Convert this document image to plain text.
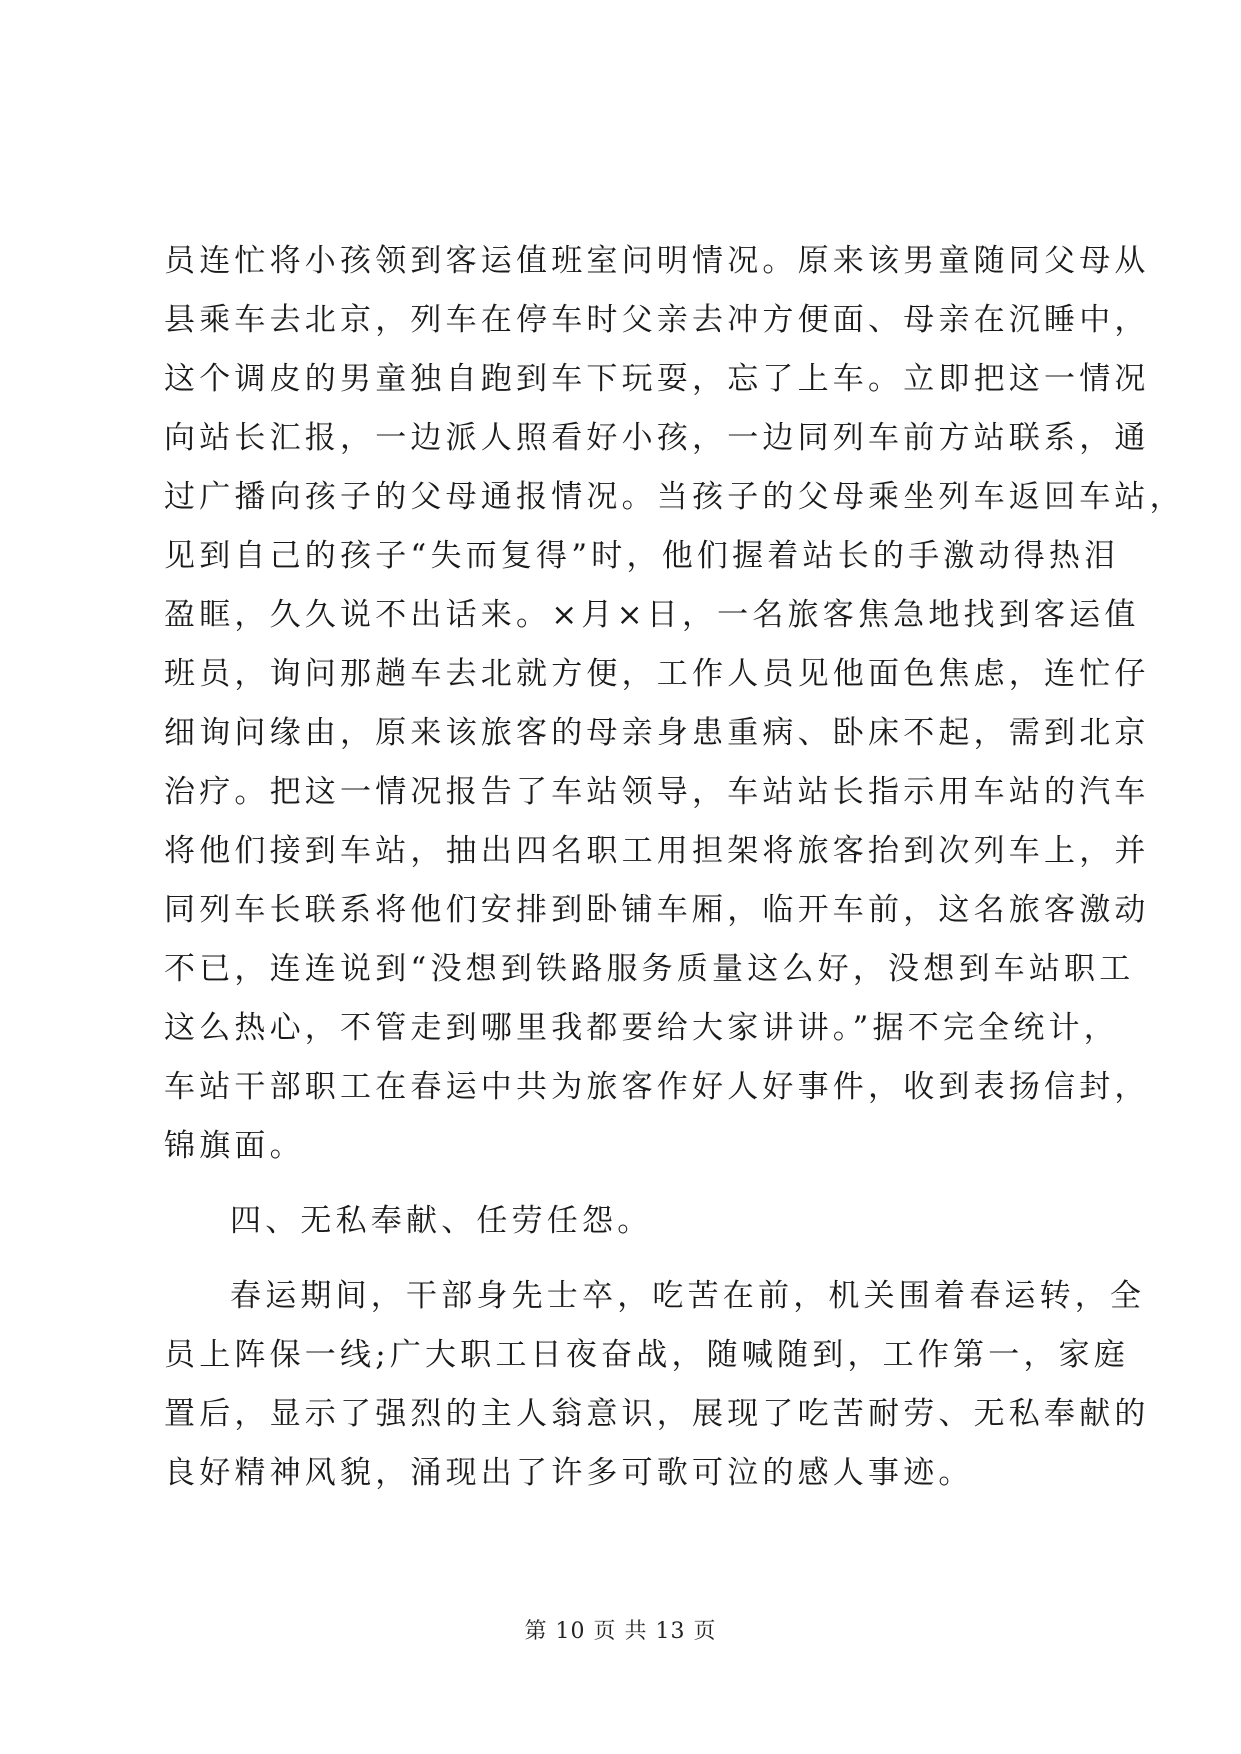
员连忙将小孩领到客运值班室问明情况。原来该男童随同父母从
县乘车去北京，列车在停车时父亲去冲方便面、母亲在沉睡中，
这个调皮的男童独自跑到车下玩耍，忘了上车。立即把这一情况
向站长汇报，一边派人照看好小孩，一边同列车前方站联系，通
过广播向孩子的父母通报情况。当孩子的父母乘坐列车返回车站，
见到自己的孩子“失而复得”时，他们握着站长的手激动得热泪
盈眶，久久说不出话来。×月×日，一名旅客焦急地找到客运值
班员，询问那趟车去北就方便，工作人员见他面色焦虑，连忙仔
细询问缘由，原来该旅客的母亲身患重病、卧床不起，需到北京
治疗。把这一情况报告了车站领导，车站站长指示用车站的汽车
将他们接到车站，抽出四名职工用担架将旅客抬到次列车上，并
同列车长联系将他们安排到卧铺车厢，临开车前，这名旅客激动
不已，连连说到“没想到铁路服务质量这么好，没想到车站职工
这么热心，不管走到哪里我都要给大家讲讲。”据不完全统计，
车站干部职工在春运中共为旅客作好人好事件，收到表扬信封，
锦旗面。
四、无私奉献、任劳任怨。
春运期间，干部身先士卒，吃苦在前，机关围着春运转，全
员上阵保一线;广大职工日夜奋战，随喊随到，工作第一，家庭
置后，显示了强烈的主人翁意识，展现了吃苦耐劳、无私奉献的
良好精神风貌，涌现出了许多可歌可泣的感人事迹。
第 10 页 共 13 页
